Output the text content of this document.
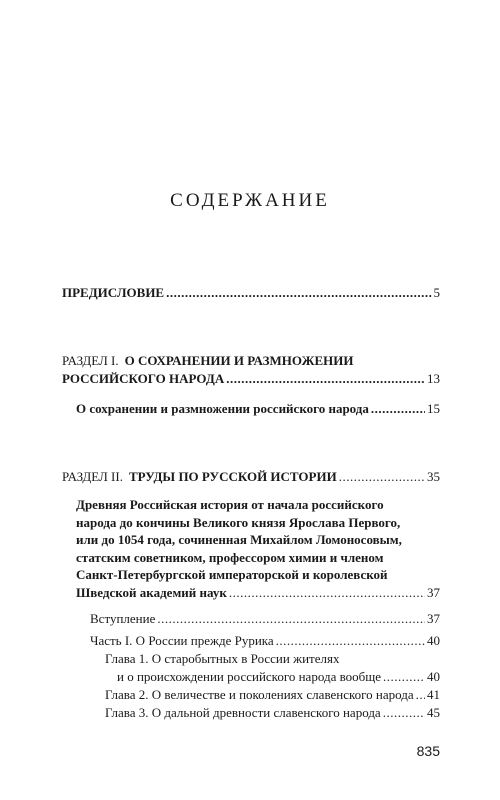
СОДЕРЖАНИЕ
ПРЕДИСЛОВИЕ .....	5
РАЗДЕЛ I. О СОХРАНЕНИИ И РАЗМНОЖЕНИИ
РОССИЙСКОГО НАРОДА .....	13
О сохранении и размножении российского народа .....	15
РАЗДЕЛ II. ТРУДЫ ПО РУССКОЙ ИСТОРИИ .....	35
Древняя Российская история от начала российского
народа до кончины Великого князя Ярослава Первого,
или до 1054 года, сочиненная Михайлом Ломоносовым,
статским советником, профессором химии и членом
Санкт-Петербургской императорской и королевской
Шведской академий наук .....	37
Вступление .....	37
Часть I. О России прежде Рурика .....	40
Глава 1. О старобытных в России жителях
и о происхождении российского народа вообще .....	40
Глава 2. О величестве и поколениях славенского народа ..... 41
Глава 3. О дальной древности славенского народа .....	45
835
